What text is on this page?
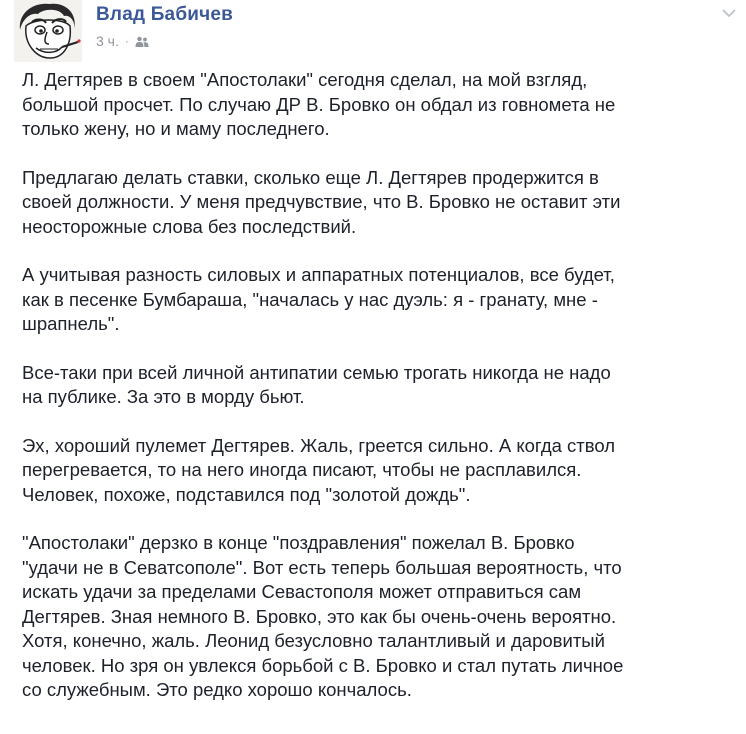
Влад Бабичев
3 ч. ·

Л. Дегтярев в своем "Апостолаки" сегодня сделал, на мой взгляд,
большой просчет. По случаю ДР В. Бровко он обдал из говномета не
только жену, но и маму последнего.

Предлагаю делать ставки, сколько еще Л. Дегтярев продержится в
своей должности. У меня предчувствие, что В. Бровко не оставит эти
неосторожные слова без последствий.

А учитывая разность силовых и аппаратных потенциалов, все будет,
как в песенке Бумбараша, "началась у нас дуэль: я - гранату, мне -
шрапнель".

Все-таки при всей личной антипатии семью трогать никогда не надо
на публике. За это в морду бьют.

Эх, хороший пулемет Дегтярев. Жаль, греется сильно. А когда ствол
перегревается, то на него иногда писают, чтобы не расплавился.
Человек, похоже, подставился под "золотой дождь".

"Апостолаки" дерзко в конце "поздравления" пожелал В. Бровко
"удачи не в Севатсополе". Вот есть теперь большая вероятность, что
искать удачи за пределами Севастополя может отправиться сам
Дегтярев. Зная немного В. Бровко, это как бы очень-очень вероятно.
Хотя, конечно, жаль. Леонид безусловно талантливый и даровитый
человек. Но зря он увлекся борьбой с В. Бровко и стал путать личное
со служебным. Это редко хорошо кончалось.
